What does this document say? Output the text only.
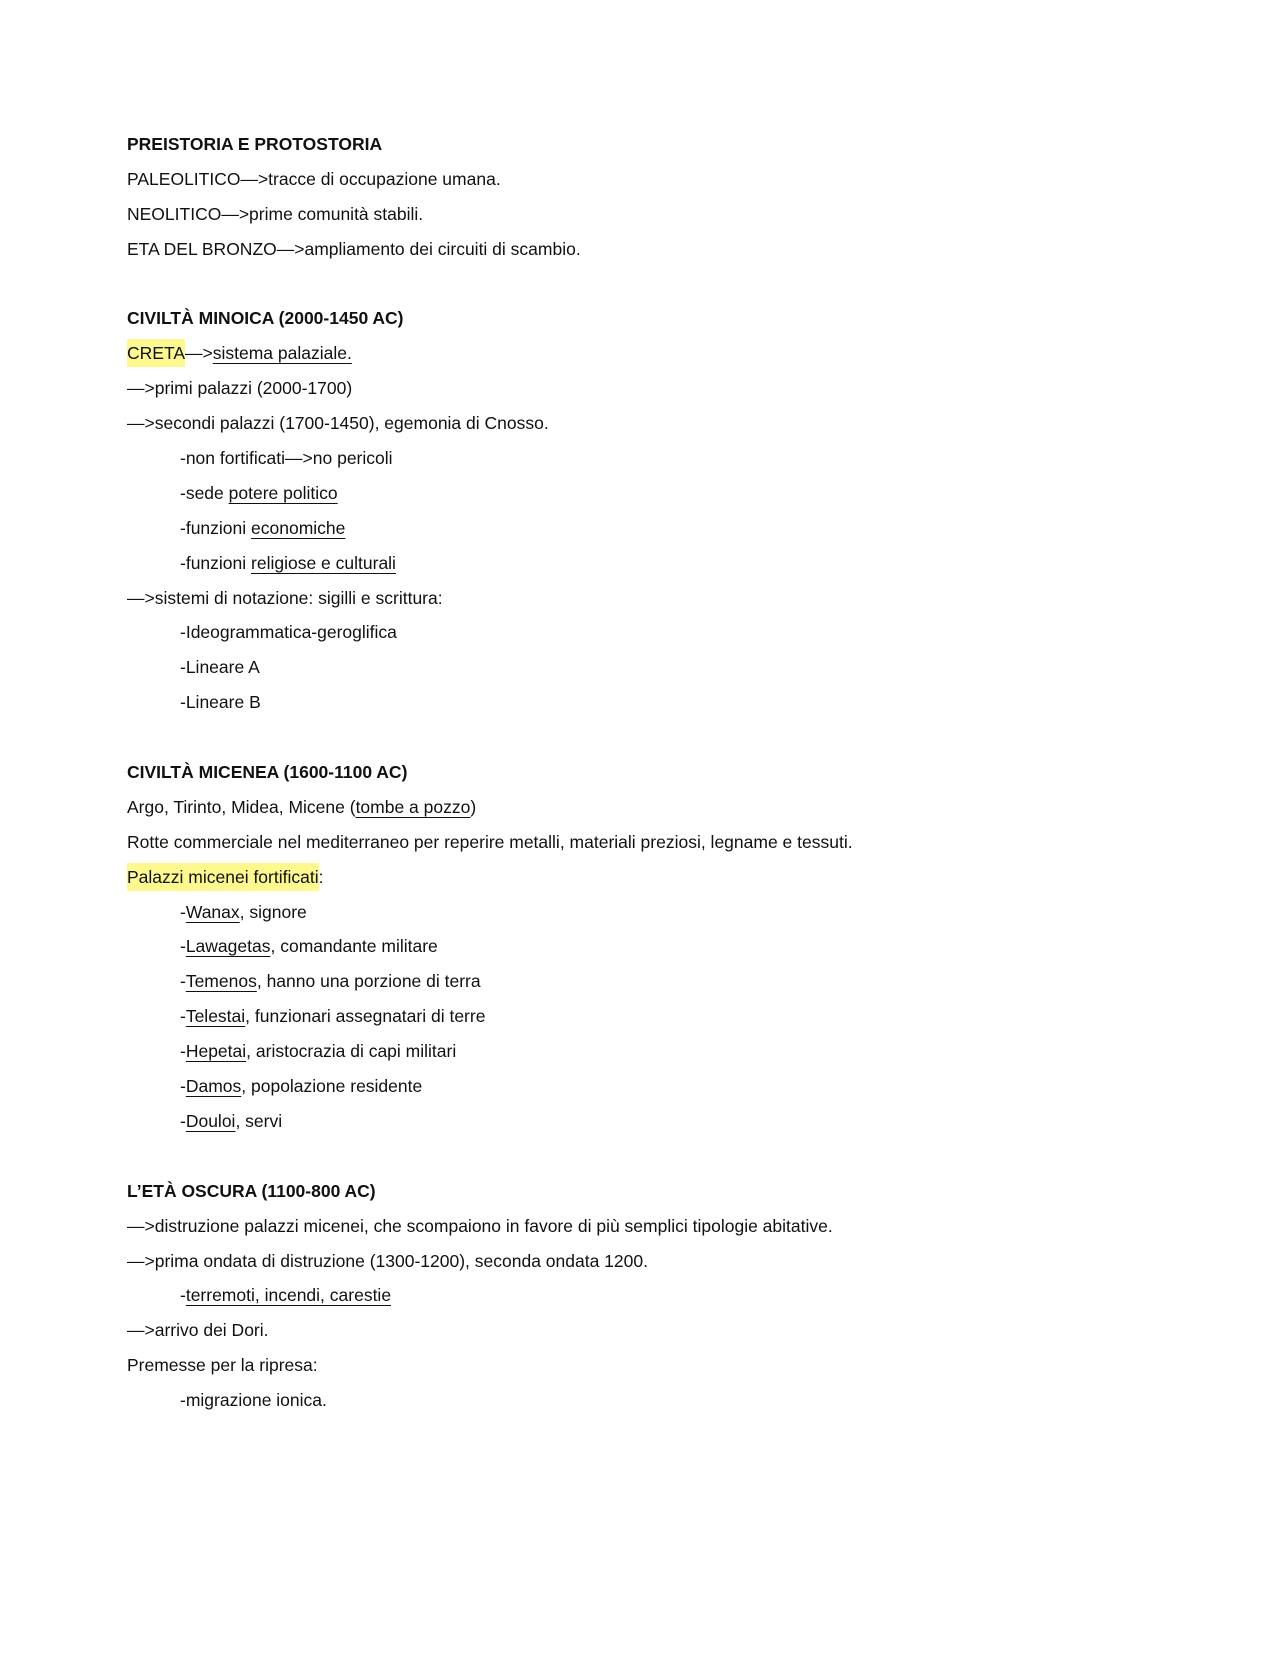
PREISTORIA E PROTOSTORIA
PALEOLITICO—>tracce di occupazione umana.
NEOLITICO—>prime comunità stabili.
ETA DEL BRONZO—>ampliamento dei circuiti di scambio.
CIVILTÀ MINOICA (2000-1450 AC)
CRETA—>sistema palaziale.
—>primi palazzi (2000-1700)
—>secondi palazzi (1700-1450), egemonia di Cnosso.
-non fortificati—>no pericoli
-sede potere politico
-funzioni economiche
-funzioni religiose e culturali
—>sistemi di notazione: sigilli e scrittura:
-Ideogrammatica-geroglifica
-Lineare A
-Lineare B
CIVILTÀ MICENEA (1600-1100 AC)
Argo, Tirinto, Midea, Micene (tombe a pozzo)
Rotte commerciale nel mediterraneo per reperire metalli, materiali preziosi, legname e tessuti.
Palazzi micenei fortificati:
-Wanax, signore
-Lawagetas, comandante militare
-Temenos, hanno una porzione di terra
-Telestai, funzionari assegnatari di terre
-Hepetai, aristocrazia di capi militari
-Damos, popolazione residente
-Douloi, servi
L’ETÀ OSCURA (1100-800 AC)
—>distruzione palazzi micenei, che scompaiono in favore di più semplici tipologie abitative.
—>prima ondata di distruzione (1300-1200), seconda ondata 1200.
-terremoti, incendi, carestie
—>arrivo dei Dori.
Premesse per la ripresa:
-migrazione ionica.
